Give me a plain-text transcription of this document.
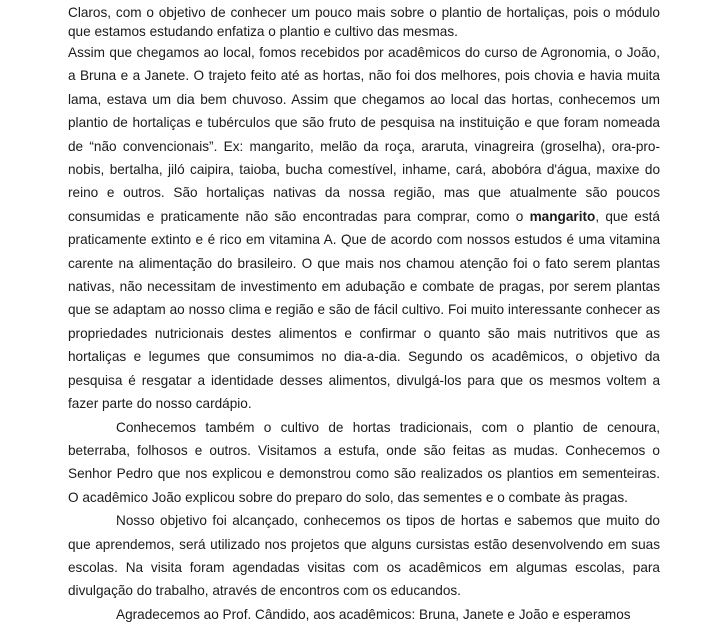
Claros, com o objetivo de conhecer um pouco mais sobre o plantio de hortaliças, pois o módulo que estamos estudando enfatiza o plantio e cultivo das mesmas.

Assim que chegamos ao local, fomos recebidos por acadêmicos do curso de Agronomia, o João, a Bruna e a Janete. O trajeto feito até as hortas, não foi dos melhores, pois chovia e havia muita lama, estava um dia bem chuvoso. Assim que chegamos ao local das hortas, conhecemos um plantio de hortaliças e tubérculos que são fruto de pesquisa na instituição e que foram nomeada de “não convencionais”. Ex: mangarito, melão da roça, araruta, vinagreira (groselha), ora-pro-nobis, bertalha, jiló caipira, taioba, bucha comestível, inhame, cará, abobóra d'água, maxixe do reino e outros. São hortaliças nativas da nossa região, mas que atualmente são poucos consumidas e praticamente não são encontradas para comprar, como o mangarito, que está praticamente extinto e é rico em vitamina A. Que de acordo com nossos estudos é uma vitamina carente na alimentação do brasileiro. O que mais nos chamou atenção foi o fato serem plantas nativas, não necessitam de investimento em adubação e combate de pragas, por serem plantas que se adaptam ao nosso clima e região e são de fácil cultivo. Foi muito interessante conhecer as propriedades nutricionais destes alimentos e confirmar o quanto são mais nutritivos que as hortaliças e legumes que consumimos no dia-a-dia. Segundo os acadêmicos, o objetivo da pesquisa é resgatar a identidade desses alimentos, divulgá-los para que os mesmos voltem a fazer parte do nosso cardápio.

Conhecemos também o cultivo de hortas tradicionais, com o plantio de cenoura, beterraba, folhosos e outros. Visitamos a estufa, onde são feitas as mudas. Conhecemos o Senhor Pedro que nos explicou e demonstrou como são realizados os plantios em sementeiras. O acadêmico João explicou sobre do preparo do solo, das sementes e o combate às pragas.

Nosso objetivo foi alcançado, conhecemos os tipos de hortas e sabemos que muito do que aprendemos, será utilizado nos projetos que alguns cursistas estão desenvolvendo em suas escolas. Na visita foram agendadas visitas com os acadêmicos em algumas escolas, para divulgação do trabalho, através de encontros com os educandos.

Agradecemos ao Prof. Cândido, aos acadêmicos: Bruna, Janete e João e esperamos
